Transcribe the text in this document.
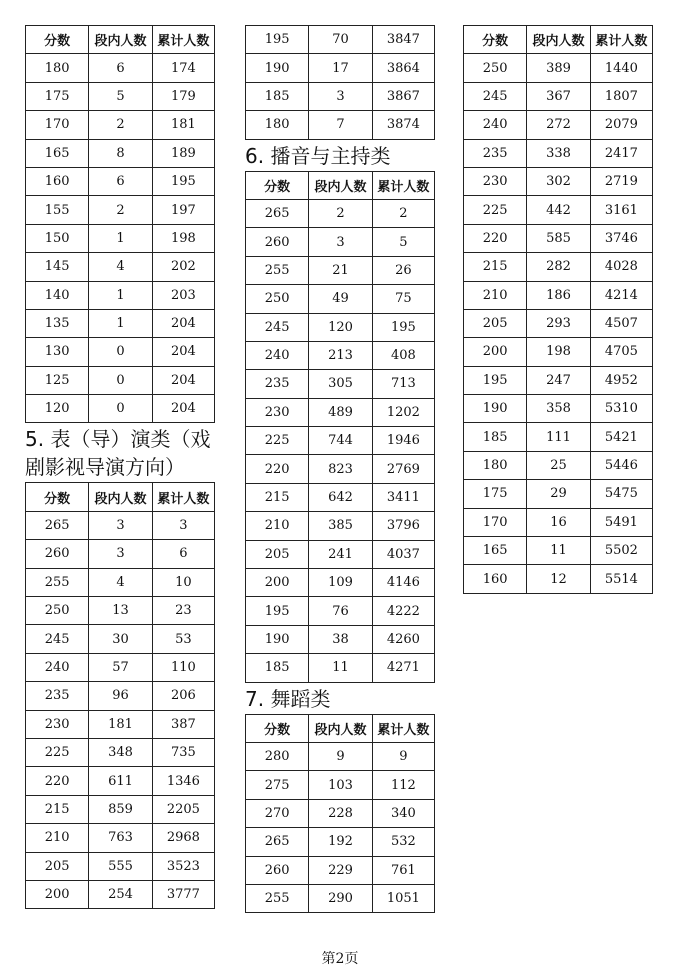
分数	段内人数	累计人数
180	6	174
175	5	179
170	2	181
165	8	189
160	6	195
155	2	197
150	1	198
145	4	202
140	1	203
135	1	204
130	0	204
125	0	204
120	0	204
5. 表（导）演类（戏剧影视导演方向）
分数	段内人数	累计人数
265	3	3
260	3	6
255	4	10
250	13	23
245	30	53
240	57	110
235	96	206
230	181	387
225	348	735
220	611	1346
215	859	2205
210	763	2968
205	555	3523
200	254	3777
195	70	3847
190	17	3864
185	3	3867
180	7	3874
6. 播音与主持类
分数	段内人数	累计人数
265	2	2
260	3	5
255	21	26
250	49	75
245	120	195
240	213	408
235	305	713
230	489	1202
225	744	1946
220	823	2769
215	642	3411
210	385	3796
205	241	4037
200	109	4146
195	76	4222
190	38	4260
185	11	4271
7. 舞蹈类
分数	段内人数	累计人数
280	9	9
275	103	112
270	228	340
265	192	532
260	229	761
255	290	1051
分数	段内人数	累计人数
250	389	1440
245	367	1807
240	272	2079
235	338	2417
230	302	2719
225	442	3161
220	585	3746
215	282	4028
210	186	4214
205	293	4507
200	198	4705
195	247	4952
190	358	5310
185	111	5421
180	25	5446
175	29	5475
170	16	5491
165	11	5502
160	12	5514
第2页
